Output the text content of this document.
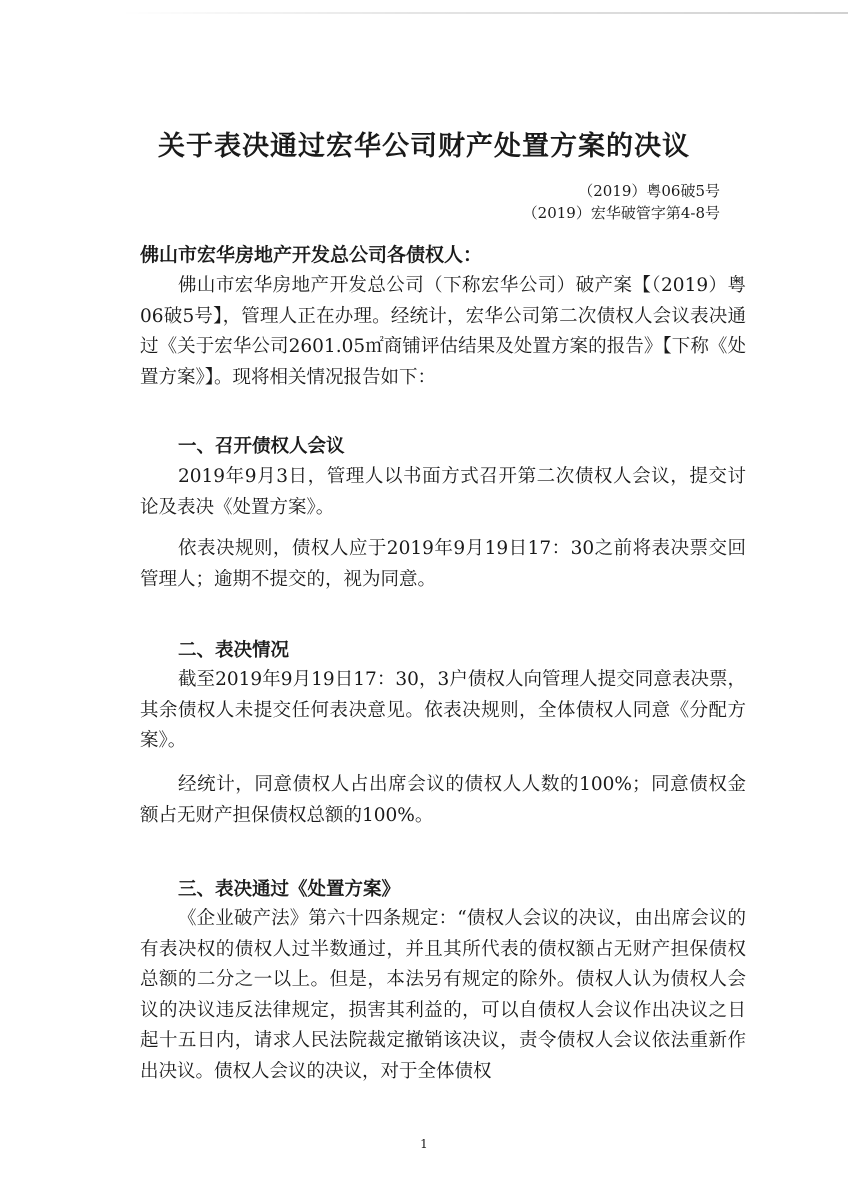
关于表决通过宏华公司财产处置方案的决议
（2019）粤06破5号
（2019）宏华破管字第4-8号
佛山市宏华房地产开发总公司各债权人：
佛山市宏华房地产开发总公司（下称宏华公司）破产案【（2019）粤06破5号】，管理人正在办理。经统计，宏华公司第二次债权人会议表决通过《关于宏华公司2601.05㎡商铺评估结果及处置方案的报告》【下称《处置方案》】。现将相关情况报告如下：
一、召开债权人会议
2019年9月3日，管理人以书面方式召开第二次债权人会议，提交讨论及表决《处置方案》。
依表决规则，债权人应于2019年9月19日17：30之前将表决票交回管理人；逾期不提交的，视为同意。
二、表决情况
截至2019年9月19日17：30，3户债权人向管理人提交同意表决票，其余债权人未提交任何表决意见。依表决规则，全体债权人同意《分配方案》。
经统计，同意债权人占出席会议的债权人人数的100%；同意债权金额占无财产担保债权总额的100%。
三、表决通过《处置方案》
《企业破产法》第六十四条规定：“债权人会议的决议，由出席会议的有表决权的债权人过半数通过，并且其所代表的债权额占无财产担保债权总额的二分之一以上。但是，本法另有规定的除外。债权人认为债权人会议的决议违反法律规定，损害其利益的，可以自债权人会议作出决议之日起十五日内，请求人民法院裁定撤销该决议，责令债权人会议依法重新作出决议。债权人会议的决议，对于全体债权
1
